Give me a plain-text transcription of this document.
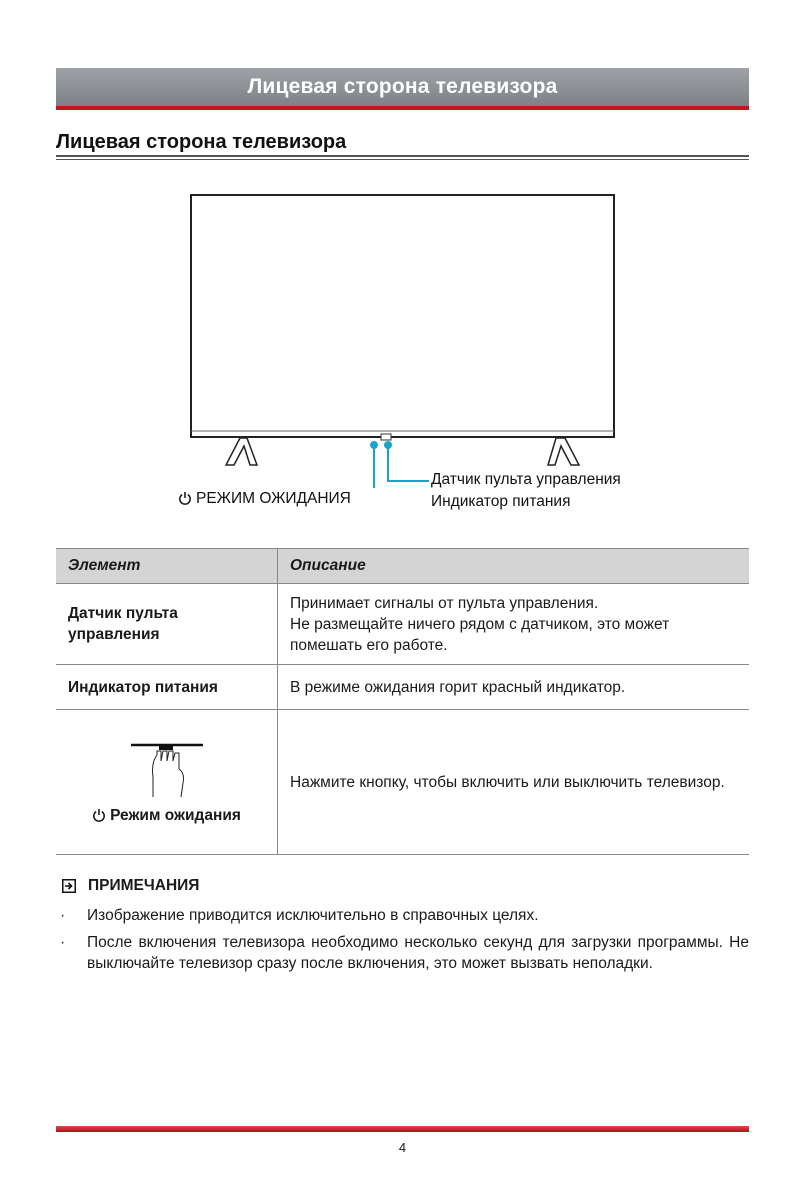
Лицевая сторона телевизора
Лицевая сторона телевизора
РЕЖИМ ОЖИДАНИЯ
Датчик пульта управления
Индикатор питания
Элемент	Описание
Датчик пульта управления	Принимает сигналы от пульта управления.
Не размещайте ничего рядом с датчиком, это может помешать его работе.

Индикатор питания	В режиме ожидания горит красный индикатор.

Режим ожидания	Нажмите кнопку, чтобы включить или выключить телевизор.
ПРИМЕЧАНИЯ
· Изображение приводится исключительно в справочных целях.
· После включения телевизора необходимо несколько секунд для загрузки программы. Не выключайте телевизор сразу после включения, это может вызвать неполадки.
4
